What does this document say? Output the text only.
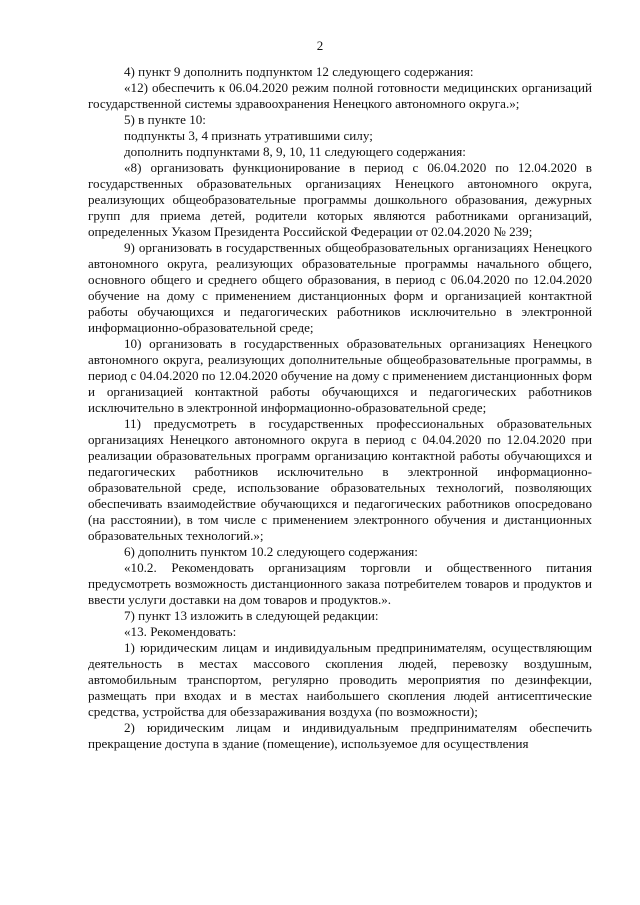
2

4) пункт 9 дополнить подпунктом 12 следующего содержания:

«12) обеспечить к 06.04.2020 режим полной готовности медицинских организаций государственной системы здравоохранения Ненецкого автономного округа.»;

5) в пункте 10:

подпункты 3, 4 признать утратившими силу;

дополнить подпунктами 8, 9, 10, 11 следующего содержания:

«8) организовать функционирование в период с 06.04.2020 по 12.04.2020 в государственных образовательных организациях Ненецкого автономного округа, реализующих общеобразовательные программы дошкольного образования, дежурных групп для приема детей, родители которых являются работниками организаций, определенных Указом Президента Российской Федерации от 02.04.2020 № 239;

9) организовать в государственных общеобразовательных организациях Ненецкого автономного округа, реализующих образовательные программы начального общего, основного общего и среднего общего образования, в период с 06.04.2020 по 12.04.2020 обучение на дому с применением дистанционных форм и организацией контактной работы обучающихся и педагогических работников исключительно в электронной информационно-образовательной среде;

10) организовать в государственных образовательных организациях Ненецкого автономного округа, реализующих дополнительные общеобразовательные программы, в период с 04.04.2020 по 12.04.2020 обучение на дому с применением дистанционных форм и организацией контактной работы обучающихся и педагогических работников исключительно в электронной информационно-образовательной среде;

11) предусмотреть в государственных профессиональных образовательных организациях Ненецкого автономного округа в период с 04.04.2020 по 12.04.2020 при реализации образовательных программ организацию контактной работы обучающихся и педагогических работников исключительно в электронной информационно-образовательной среде, использование образовательных технологий, позволяющих обеспечивать взаимодействие обучающихся и педагогических работников опосредовано (на расстоянии), в том числе с применением электронного обучения и дистанционных образовательных технологий.»;

6) дополнить пунктом 10.2 следующего содержания:

«10.2. Рекомендовать организациям торговли и общественного питания предусмотреть возможность дистанционного заказа потребителем товаров и продуктов и ввести услуги доставки на дом товаров и продуктов.».

7) пункт 13 изложить в следующей редакции:

«13. Рекомендовать:

1) юридическим лицам и индивидуальным предпринимателям, осуществляющим деятельность в местах массового скопления людей, перевозку воздушным, автомобильным транспортом, регулярно проводить мероприятия по дезинфекции, размещать при входах и в местах наибольшего скопления людей антисептические средства, устройства для обеззараживания воздуха (по возможности);

2) юридическим лицам и индивидуальным предпринимателям обеспечить прекращение доступа в здание (помещение), используемое для осуществления
